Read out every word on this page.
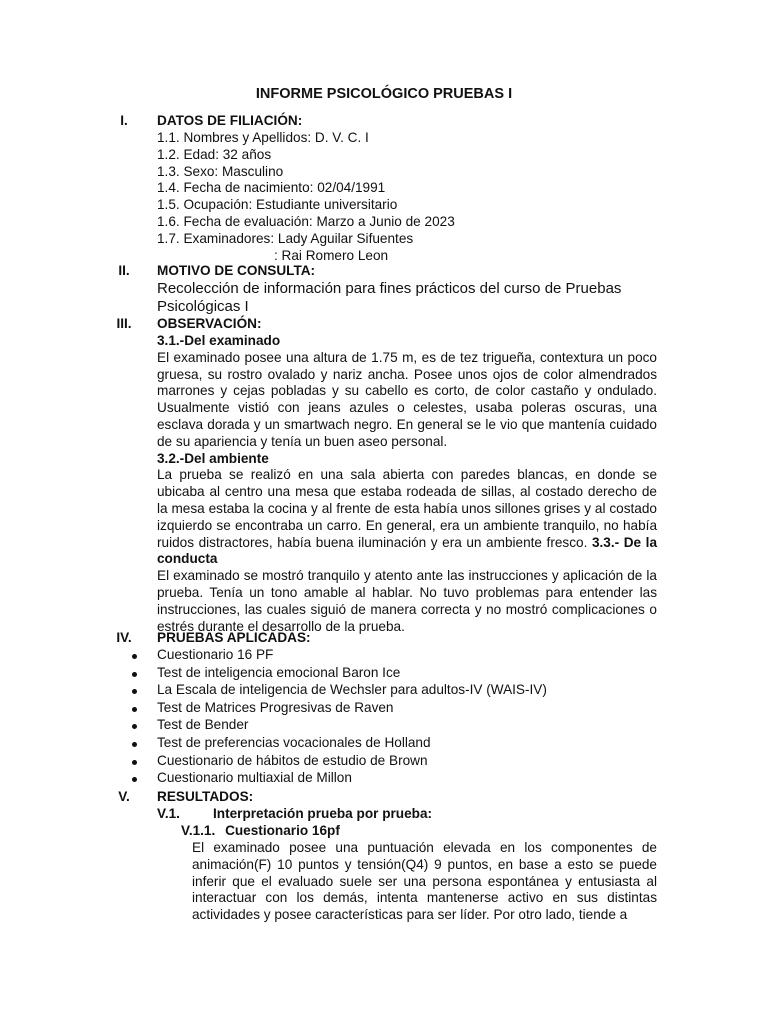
INFORME PSICOLÓGICO PRUEBAS I
I.	DATOS DE FILIACIÓN:
1.1. Nombres y Apellidos: D. V. C. I
1.2. Edad: 32 años
1.3. Sexo: Masculino
1.4. Fecha de nacimiento: 02/04/1991
1.5. Ocupación: Estudiante universitario
1.6. Fecha de evaluación: Marzo a Junio de 2023
1.7. Examinadores: Lady Aguilar Sifuentes
: Rai Romero Leon
II.	MOTIVO DE CONSULTA:
Recolección de información para fines prácticos del curso de Pruebas Psicológicas I
III.	OBSERVACIÓN:
3.1.-Del examinado
El examinado posee una altura de 1.75 m, es de tez trigueña, contextura un poco gruesa, su rostro ovalado y nariz ancha. Posee unos ojos de color almendrados marrones y cejas pobladas y su cabello es corto, de color castaño y ondulado. Usualmente vistió con jeans azules o celestes, usaba poleras oscuras, una esclava dorada y un smartwach negro. En general se le vio que mantenía cuidado de su apariencia y tenía un buen aseo personal.
3.2.-Del ambiente
La prueba se realizó en una sala abierta con paredes blancas, en donde se ubicaba al centro una mesa que estaba rodeada de sillas, al costado derecho de la mesa estaba la cocina y al frente de esta había unos sillones grises y al costado izquierdo se encontraba un carro. En general, era un ambiente tranquilo, no había ruidos distractores, había buena iluminación y era un ambiente fresco. 3.3.- De la conducta
El examinado se mostró tranquilo y atento ante las instrucciones y aplicación de la prueba. Tenía un tono amable al hablar. No tuvo problemas para entender las instrucciones, las cuales siguió de manera correcta y no mostró complicaciones o estrés durante el desarrollo de la prueba.
IV.	PRUEBAS APLICADAS:
Cuestionario 16 PF
Test de inteligencia emocional Baron Ice
La Escala de inteligencia de Wechsler para adultos-IV (WAIS-IV)
Test de Matrices Progresivas de Raven
Test de Bender
Test de preferencias vocacionales de Holland
Cuestionario de hábitos de estudio de Brown
Cuestionario multiaxial de Millon
V.	RESULTADOS:
V.1. Interpretación prueba por prueba:
V.1.1. Cuestionario 16pf
El examinado posee una puntuación elevada en los componentes de animación(F) 10 puntos y tensión(Q4) 9 puntos, en base a esto se puede inferir que el evaluado suele ser una persona espontánea y entusiasta al interactuar con los demás, intenta mantenerse activo en sus distintas actividades y posee características para ser líder. Por otro lado, tiende a
